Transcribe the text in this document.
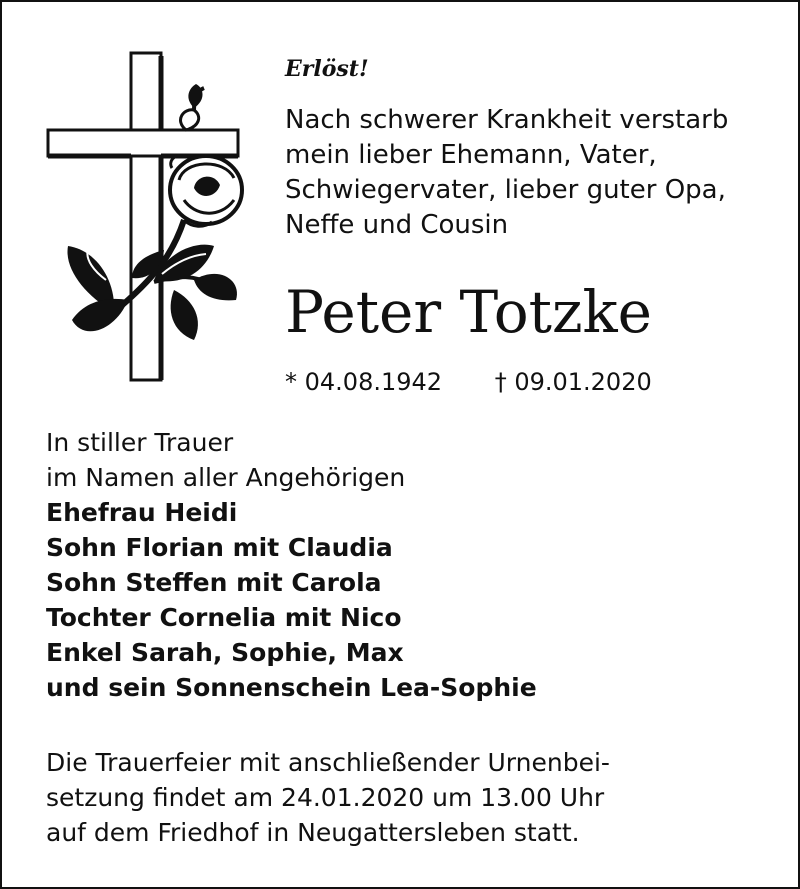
Erlöst!
Nach schwerer Krankheit verstarb
mein lieber Ehemann, Vater,
Schwiegervater, lieber guter Opa,
Neffe und Cousin
Peter Totzke
* 04.08.1942 † 09.01.2020
In stiller Trauer
im Namen aller Angehörigen
Ehefrau Heidi
Sohn Florian mit Claudia
Sohn Steffen mit Carola
Tochter Cornelia mit Nico
Enkel Sarah, Sophie, Max
und sein Sonnenschein Lea-Sophie
Die Trauerfeier mit anschließender Urnenbei-
setzung findet am 24.01.2020 um 13.00 Uhr
auf dem Friedhof in Neugattersleben statt.
